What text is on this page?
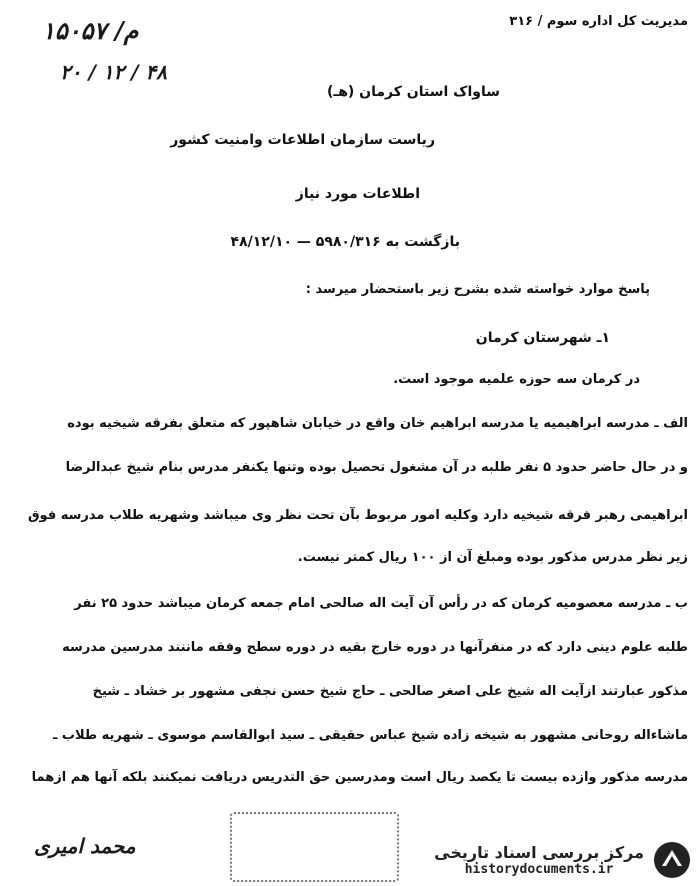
۱۵۰۵۷ /م
۲۰ / ۱۲ / ۴۸
مدیریت کل اداره سوم / ۳۱۶
ساواک استان کرمان (هـ)
ریاست سازمان اطلاعات وامنیت کشور
اطلاعات مورد نیاز
بازگشت به ۵۹۸۰/۳۱۶ — ۴۸/۱۲/۱۰
پاسخ موارد خواسته شده بشرح زیر باستحضار میرسد :
۱ـ شهرستان کرمان
در کرمان سه حوزه علمیه موجود است.
الف ـ مدرسه ابراهیمیه یا مدرسه ابراهیم خان واقع در خیابان شاهپور که متعلق بفرقه شیخیه بوده
و در حال حاضر حدود ۵ نفر طلبه در آن مشغول تحصیل بوده وتنها یکنفر مدرس بنام شیخ عبدالرضا
ابراهیمی رهبر فرقه شیخیه دارد وکلیه امور مربوط بآن تحت نظر وی میباشد وشهریه طلاب مدرسه فوق
زیر نظر مدرس مذکور بوده ومبلغ آن از ۱۰۰ ریال کمتر نیست.
ب ـ مدرسه معصومیه کرمان که در رأس آن آیت اله صالحی امام جمعه کرمان میباشد حدود ۲۵ نفر
طلبه علوم دینی دارد که در منفرآنها در دوره خارج بقیه در دوره سطح وفقه ماننند مدرسین مدرسه
مذکور عبارتند ازآیت اله شیخ علی اصغر صالحی ـ حاج شیخ حسن نجفی مشهور بر خشاد ـ شیخ
ماشاءاله روحانی مشهور به شیخه زاده شیخ عباس حقیقی ـ سید ابوالقاسم موسوی ـ شهریه طلاب ـ
مدرسه مذکور وازده بیست تا یکصد ریال است ومدرسین حق التدریس دریافت نمیکنند بلکه آنها هم ازهما
محمد امیری	مرکز بررسی اسناد تاریخی
historydocuments.ir
